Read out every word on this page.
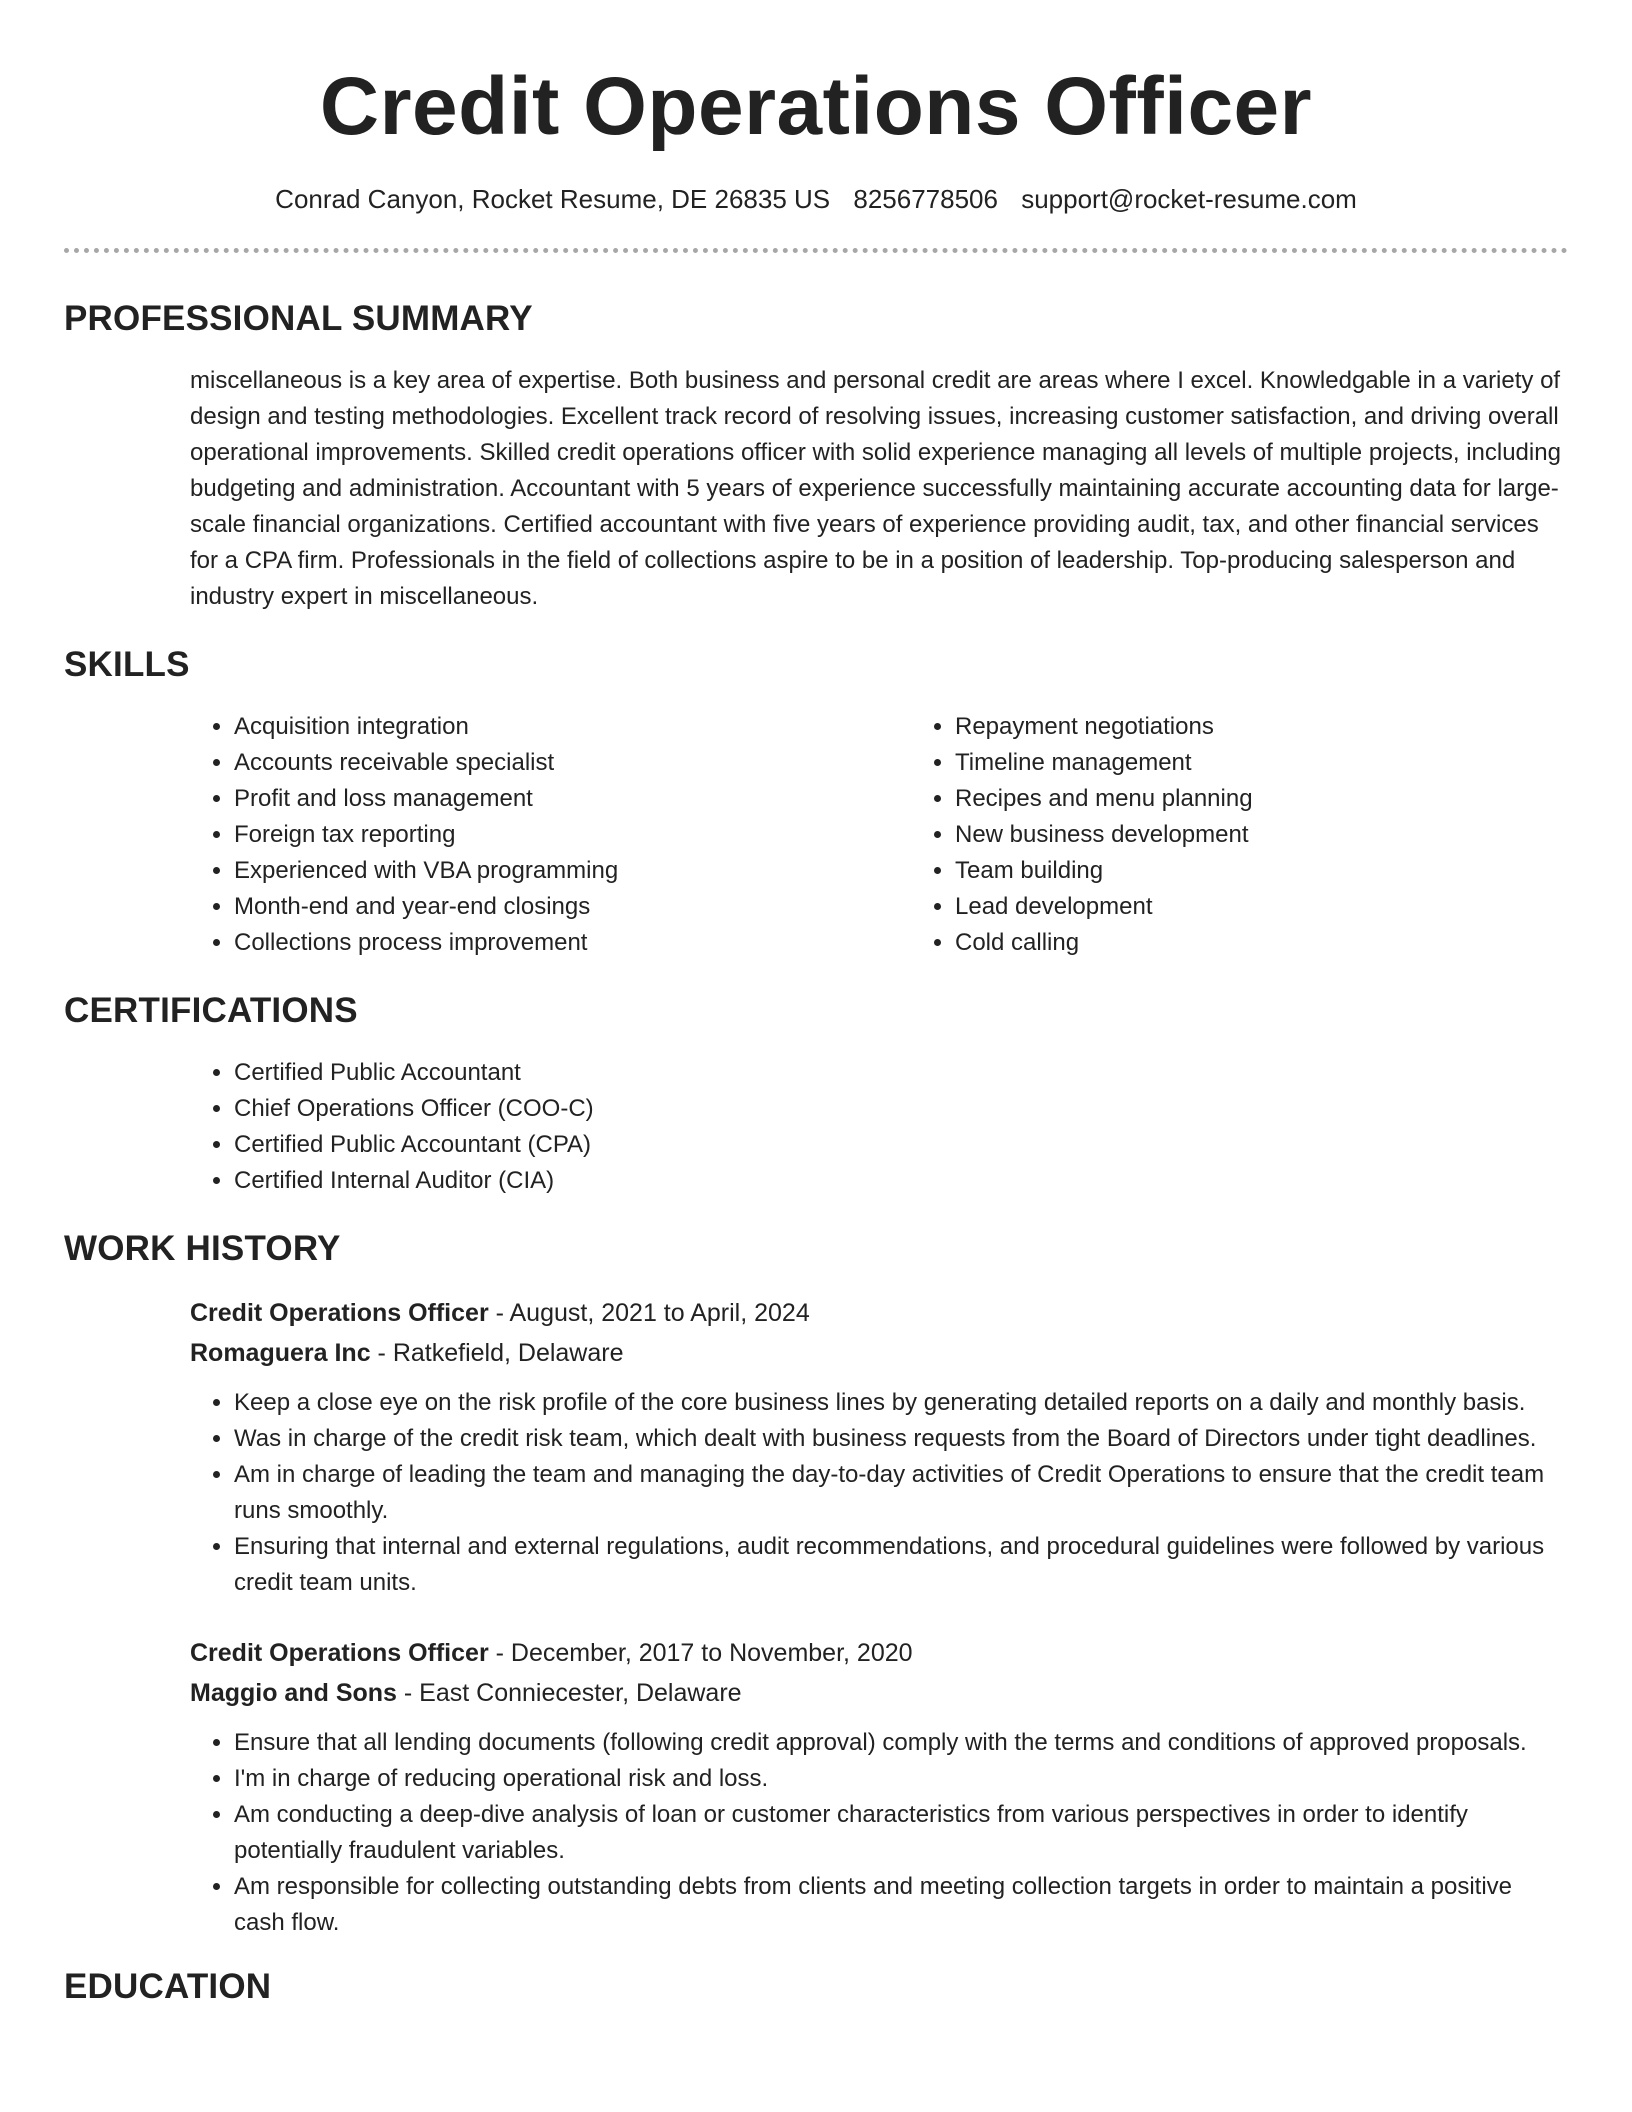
Credit Operations Officer
Conrad Canyon, Rocket Resume, DE 26835 US 8256778506 support@rocket-resume.com
PROFESSIONAL SUMMARY

miscellaneous is a key area of expertise. Both business and personal credit are areas where I excel. Knowledgable in a variety of design and testing methodologies. Excellent track record of resolving issues, increasing customer satisfaction, and driving overall operational improvements. Skilled credit operations officer with solid experience managing all levels of multiple projects, including budgeting and administration. Accountant with 5 years of experience successfully maintaining accurate accounting data for large-scale financial organizations. Certified accountant with five years of experience providing audit, tax, and other financial services for a CPA firm. Professionals in the field of collections aspire to be in a position of leadership. Top-producing salesperson and industry expert in miscellaneous.

SKILLS
• Acquisition integration
• Accounts receivable specialist
• Profit and loss management
• Foreign tax reporting
• Experienced with VBA programming
• Month-end and year-end closings
• Collections process improvement
• Repayment negotiations
• Timeline management
• Recipes and menu planning
• New business development
• Team building
• Lead development
• Cold calling
CERTIFICATIONS
• Certified Public Accountant
• Chief Operations Officer (COO-C)
• Certified Public Accountant (CPA)
• Certified Internal Auditor (CIA)
WORK HISTORY
Credit Operations Officer - August, 2021 to April, 2024
Romaguera Inc - Ratkefield, Delaware
• Keep a close eye on the risk profile of the core business lines by generating detailed reports on a daily and monthly basis.
• Was in charge of the credit risk team, which dealt with business requests from the Board of Directors under tight deadlines.
• Am in charge of leading the team and managing the day-to-day activities of Credit Operations to ensure that the credit team runs smoothly.
• Ensuring that internal and external regulations, audit recommendations, and procedural guidelines were followed by various credit team units.
Credit Operations Officer - December, 2017 to November, 2020
Maggio and Sons - East Conniecester, Delaware
• Ensure that all lending documents (following credit approval) comply with the terms and conditions of approved proposals.
• I'm in charge of reducing operational risk and loss.
• Am conducting a deep-dive analysis of loan or customer characteristics from various perspectives in order to identify potentially fraudulent variables.
• Am responsible for collecting outstanding debts from clients and meeting collection targets in order to maintain a positive cash flow.
EDUCATION
